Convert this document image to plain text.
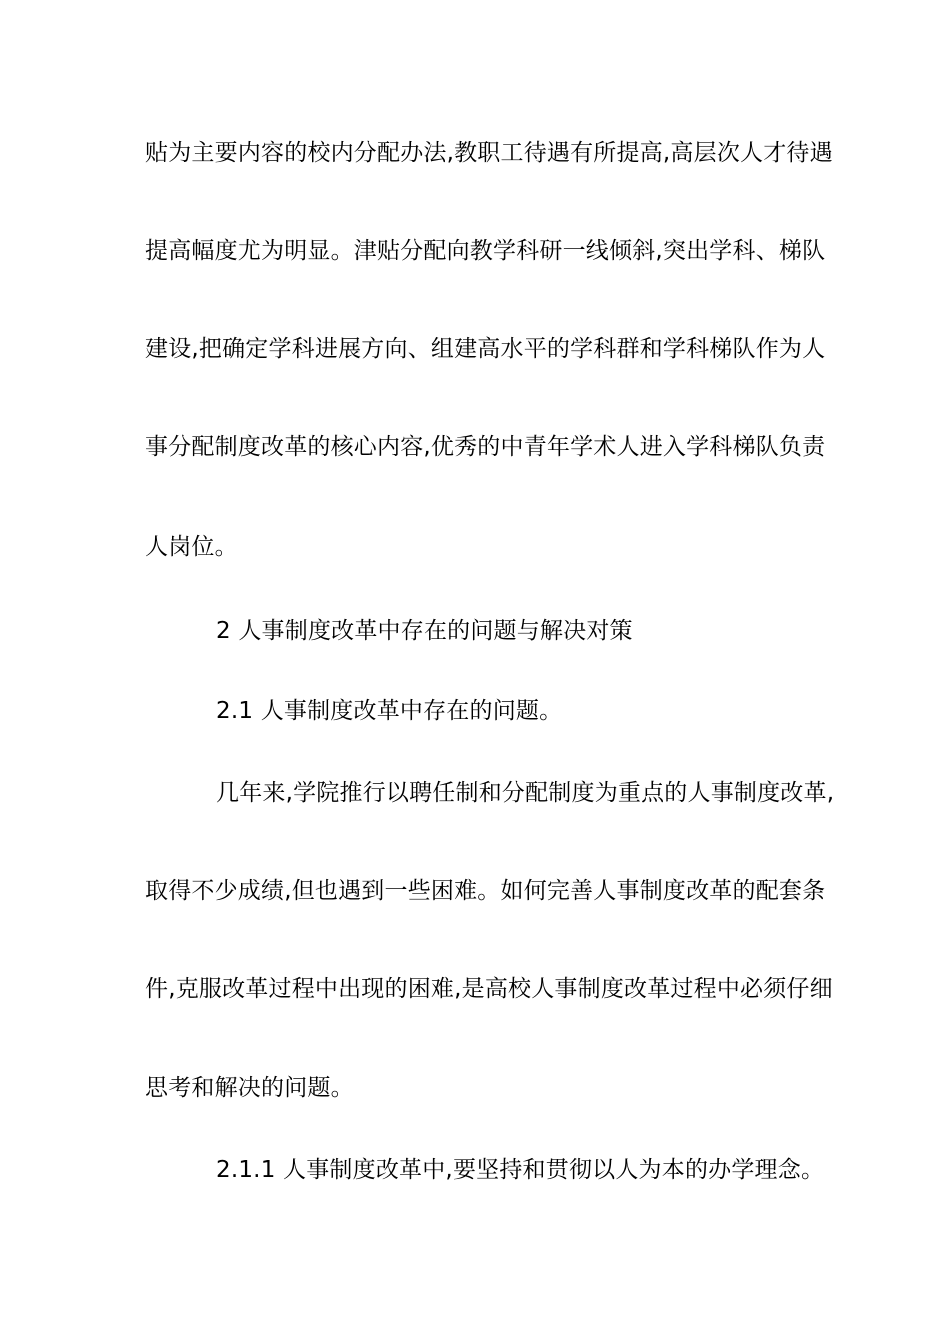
贴为主要内容的校内分配办法,教职工待遇有所提高,高层次人才待遇
提高幅度尤为明显。津贴分配向教学科研一线倾斜,突出学科、梯队
建设,把确定学科进展方向、组建高水平的学科群和学科梯队作为人
事分配制度改革的核心内容,优秀的中青年学术人进入学科梯队负责
人岗位。
2 人事制度改革中存在的问题与解决对策
2.1 人事制度改革中存在的问题。
几年来,学院推行以聘任制和分配制度为重点的人事制度改革,
取得不少成绩,但也遇到一些困难。如何完善人事制度改革的配套条
件,克服改革过程中出现的困难,是高校人事制度改革过程中必须仔细
思考和解决的问题。
2.1.1 人事制度改革中,要坚持和贯彻以人为本的办学理念。
